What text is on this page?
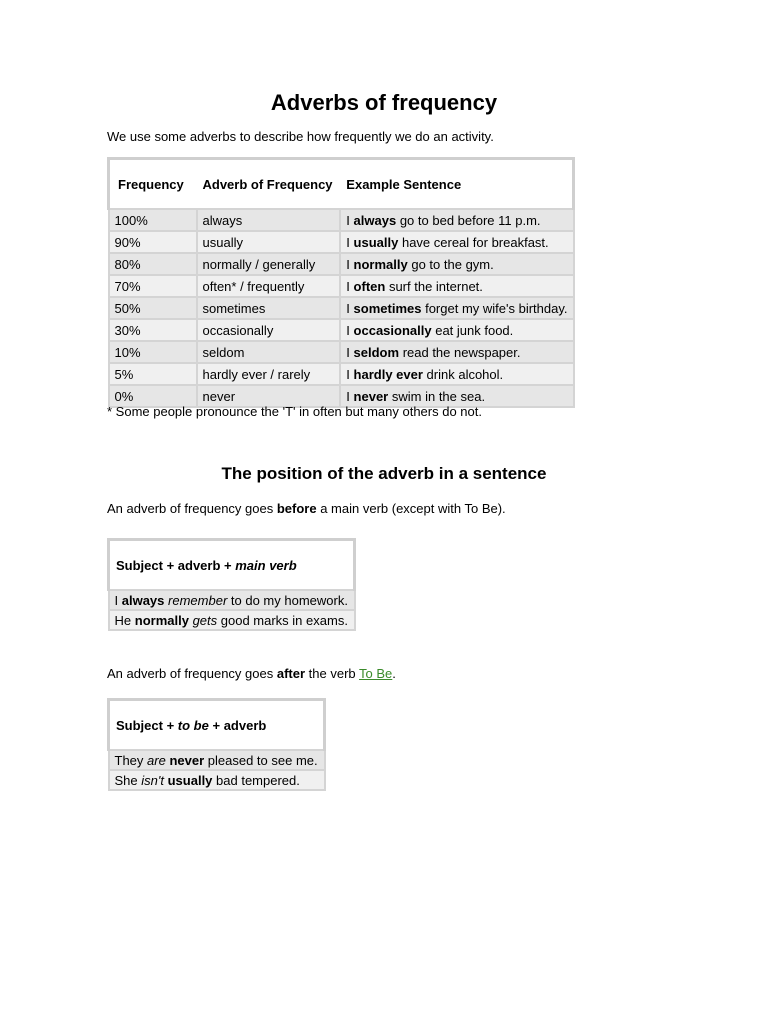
Adverbs of frequency

We use some adverbs to describe how frequently we do an activity.

Frequency	Adverb of Frequency	Example Sentence
100%	always	I always go to bed before 11 p.m.
90%	usually	I usually have cereal for breakfast.
80%	normally / generally	I normally go to the gym.
70%	often* / frequently	I often surf the internet.
50%	sometimes	I sometimes forget my wife's birthday.
30%	occasionally	I occasionally eat junk food.
10%	seldom	I seldom read the newspaper.
5%	hardly ever / rarely	I hardly ever drink alcohol.
0%	never	I never swim in the sea.

* Some people pronounce the 'T' in often but many others do not.

The position of the adverb in a sentence

An adverb of frequency goes before a main verb (except with To Be).

Subject + adverb + main verb
I always remember to do my homework.
He normally gets good marks in exams.

An adverb of frequency goes after the verb To Be.

Subject + to be + adverb
They are never pleased to see me.
She isn't usually bad tempered.
